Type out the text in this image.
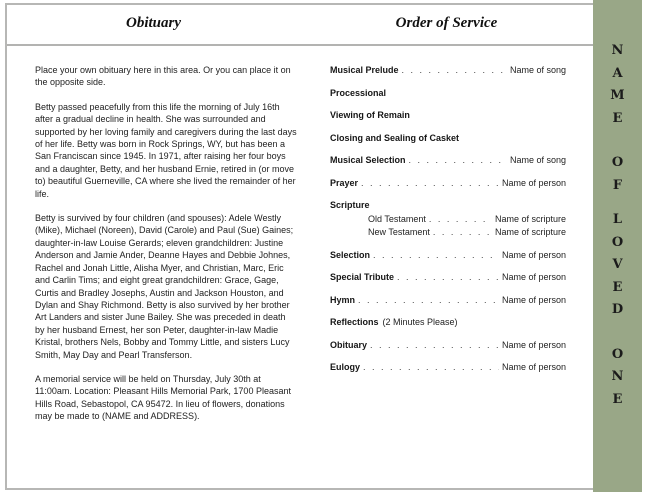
Obituary	Order of Service

Place your own obituary here in this area. Or you can place it on the opposite side.

Betty passed peacefully from this life the morning of July 16th after a gradual decline in health. She was surrounded and supported by her loving family and caregivers during the last days of her life. Betty was born in Rock Springs, WY, but has been a San Franciscan since 1945. In 1971, after raising her four boys and a daughter, Betty, and her husband Ernie, retired in (or move to) beautiful Guerneville, CA where she lived the remainder of her life.

Betty is survived by four children (and spouses): Adele Westly (Mike), Michael (Noreen), David (Carole) and Paul (Sue) Gaines; daughter-in-law Louise Gerards; eleven grandchildren: Justine Anderson and Jamie Ander, Deanne Hayes and Debbie Johnes, Rachel and Jonah Little, Alisha Myer, and Christian, Marc, Eric and Carlin Tims; and eight great grandchildren: Grace, Gage, Curtis and Bradley Josephs, Austin and Jackson Houston, and Dylan and Shay Richmond. Betty is also survived by her brother Art Landers and sister June Bailey. She was preceded in death by her husband Ernest, her son Peter, daughter-in-law Madie Kristal, brothers Nels, Bobby and Tommy Little, and sisters Lucy Smith, May Day and Pearl Transferson.

A memorial service will be held on Thursday, July 30th at 11:00am. Location: Pleasant Hills Memorial Park, 1700 Pleasant Hills Road, Sebastopol, CA 95472. In lieu of flowers, donations may be made to (NAME and ADDRESS).

Musical Prelude . . .	Name of song
Processional
Viewing of Remain
Closing and Sealing of Casket
Musical Selection . . .	Name of song
Prayer . . .	Name of person
Scripture
Old Testament . . .	Name of scripture
New Testament . . .	Name of scripture
Selection . . .	Name of person
Special Tribute . . .	Name of person
Hymn . . .	Name of person
Reflections (2 Minutes Please)
Obituary . . .	Name of person
Eulogy . . .	Name of person
N
A
M
E
O
F
L
O
V
E
D
O
N
E
